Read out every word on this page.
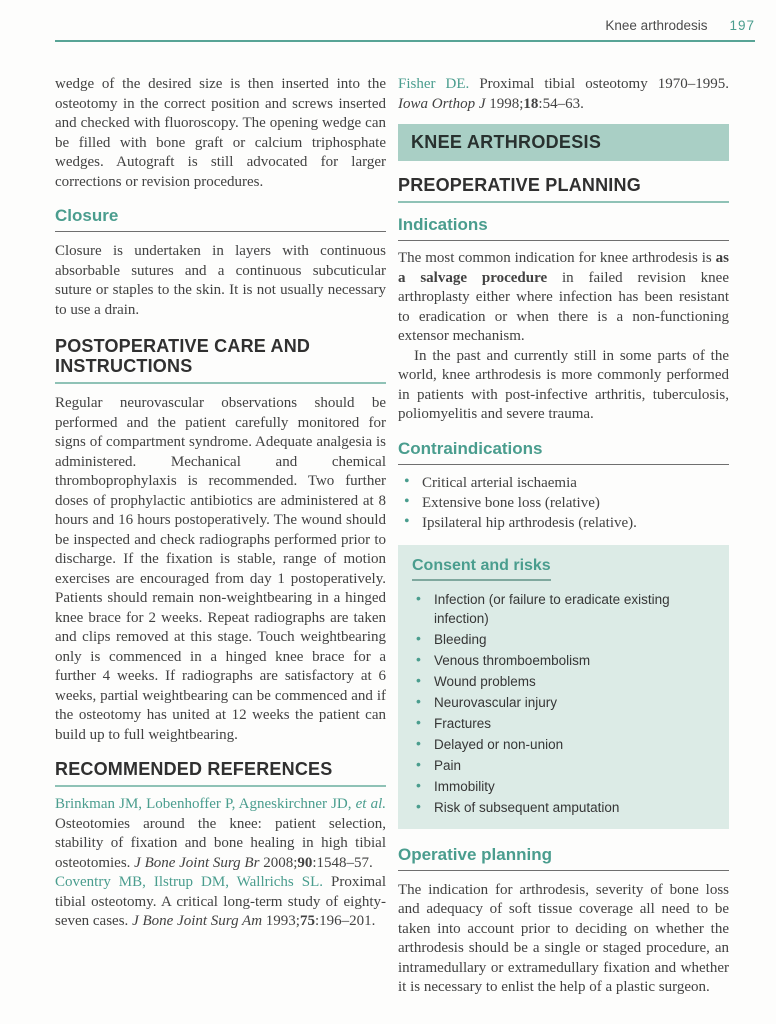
Knee arthrodesis 197

wedge of the desired size is then inserted into the osteotomy in the correct position and screws inserted and checked with fluoroscopy. The opening wedge can be filled with bone graft or calcium triphosphate wedges. Autograft is still advocated for larger corrections or revision procedures.

Closure

Closure is undertaken in layers with continuous absorbable sutures and a continuous subcuticular suture or staples to the skin. It is not usually necessary to use a drain.

POSTOPERATIVE CARE AND INSTRUCTIONS

Regular neurovascular observations should be performed and the patient carefully monitored for signs of compartment syndrome. Adequate analgesia is administered. Mechanical and chemical thromboprophylaxis is recommended. Two further doses of prophylactic antibiotics are administered at 8 hours and 16 hours postoperatively. The wound should be inspected and check radiographs performed prior to discharge. If the fixation is stable, range of motion exercises are encouraged from day 1 postoperatively. Patients should remain non-weightbearing in a hinged knee brace for 2 weeks. Repeat radiographs are taken and clips removed at this stage. Touch weightbearing only is commenced in a hinged knee brace for a further 4 weeks. If radiographs are satisfactory at 6 weeks, partial weightbearing can be commenced and if the osteotomy has united at 12 weeks the patient can build up to full weightbearing.

RECOMMENDED REFERENCES

Brinkman JM, Lobenhoffer P, Agneskirchner JD, et al. Osteotomies around the knee: patient selection, stability of fixation and bone healing in high tibial osteotomies. J Bone Joint Surg Br 2008;90:1548–57.

Coventry MB, Ilstrup DM, Wallrichs SL. Proximal tibial osteotomy. A critical long-term study of eighty-seven cases. J Bone Joint Surg Am 1993;75:196–201.

Fisher DE. Proximal tibial osteotomy 1970–1995. Iowa Orthop J 1998;18:54–63.

KNEE ARTHRODESIS
PREOPERATIVE PLANNING
Indications

The most common indication for knee arthrodesis is as a salvage procedure in failed revision knee arthroplasty either where infection has been resistant to eradication or when there is a non-functioning extensor mechanism.

In the past and currently still in some parts of the world, knee arthrodesis is more commonly performed in patients with post-infective arthritis, tuberculosis, poliomyelitis and severe trauma.

Contraindications
• Critical arterial ischaemia
• Extensive bone loss (relative)
• Ipsilateral hip arthrodesis (relative).
Consent and risks
• Infection (or failure to eradicate existing infection)
• Bleeding
• Venous thromboembolism
• Wound problems
• Neurovascular injury
• Fractures
• Delayed or non-union
• Pain
• Immobility
• Risk of subsequent amputation
Operative planning

The indication for arthrodesis, severity of bone loss and adequacy of soft tissue coverage all need to be taken into account prior to deciding on whether the arthrodesis should be a single or staged procedure, an intramedullary or extramedullary fixation and whether it is necessary to enlist the help of a plastic surgeon.
